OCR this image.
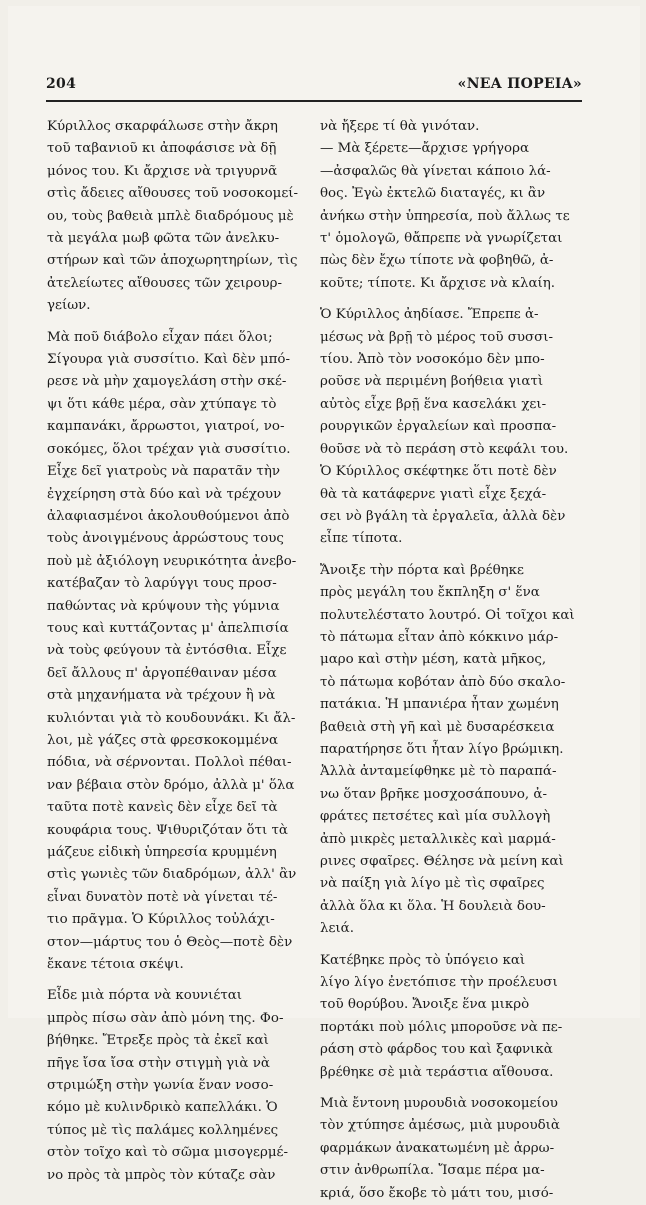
204	«ΝΕΑ ΠΟΡΕΙΑ»

Κύριλλος σκαρφάλωσε στὴν ἄκρη
τοῦ ταβανιοῦ κι ἀποφάσισε νὰ δῇ
μόνος του. Κι ἄρχισε νὰ τριγυρνᾶ
στὶς ἄδειες αἴθουσες τοῦ νοσοκομεί-
ου, τοὺς βαθειὰ μπλὲ διαδρόμους μὲ
τὰ μεγάλα μωβ φῶτα τῶν ἀνελκυ-
στήρων καὶ τῶν ἀποχωρητηρίων, τὶς
ἀτελείωτες αἴθουσες τῶν χειρουρ-
γείων.

Μὰ ποῦ διάβολο εἶχαν πάει ὅλοι;
Σίγουρα γιὰ συσσίτιο. Καὶ δὲν μπό-
ρεσε νὰ μὴν χαμογελάση στὴν σκέ-
ψι ὅτι κάθε μέρα, σὰν χτύπαγε τὸ
καμπανάκι, ἄρρωστοι, γιατροί, νο-
σοκόμες, ὅλοι τρέχαν γιὰ συσσίτιο.
Εἶχε δεῖ γιατροὺς νὰ παρατᾶν τὴν
ἐγχείρηση στὰ δύο καὶ νὰ τρέχουν
ἀλαφιασμένοι ἀκολουθούμενοι ἀπὸ
τοὺς ἀνοιγμένους ἀρρώστους τους
ποὺ μὲ ἀξιόλογη νευρικότητα ἀνεβο-
κατέβαζαν τὸ λαρύγγι τους προσ-
παθώντας νὰ κρύψουν τὴς γύμνια
τους καὶ κυττάζοντας μ' ἀπελπισία
νὰ τοὺς φεύγουν τὰ ἐντόσθια. Εἶχε
δεῖ ἄλλους π' ἀργοπέθαιναν μέσα
στὰ μηχανήματα νὰ τρέχουν ἢ νὰ
κυλιόνται γιὰ τὸ κουδουνάκι. Κι ἄλ-
λοι, μὲ γάζες στὰ φρεσκοκομμένα
πόδια, νὰ σέρνονται. Πολλοὶ πέθαι-
ναν βέβαια στὸν δρόμο, ἀλλὰ μ' ὅλα
ταῦτα ποτὲ κανεὶς δὲν εἶχε δεῖ τὰ
κουφάρια τους. Ψιθυριζόταν ὅτι τὰ
μάζευε εἰδικὴ ὑπηρεσία κρυμμένη
στὶς γωνιὲς τῶν διαδρόμων, ἀλλ' ἂν
εἶναι δυνατὸν ποτὲ νὰ γίνεται τέ-
τιο πρᾶγμα. Ὁ Κύριλλος τοὐλάχι-
στον—μάρτυς του ὁ Θεὸς—ποτὲ δὲν
ἔκανε τέτοια σκέψι.

Εἶδε μιὰ πόρτα νὰ κουνιέται
μπρὸς πίσω σὰν ἀπὸ μόνη της. Φο-
βήθηκε. Ἔτρεξε πρὸς τὰ ἐκεῖ καὶ
πῆγε ἴσα ἴσα στὴν στιγμὴ γιὰ νὰ
στριμώξη στὴν γωνία ἕναν νοσο-
κόμο μὲ κυλινδρικὸ καπελλάκι. Ὁ
τύπος μὲ τὶς παλάμες κολλημένες
στὸν τοῖχο καὶ τὸ σῶμα μισογερμέ-
νο πρὸς τὰ μπρὸς τὸν κύταζε σὰν

νὰ ἤξερε τί θὰ γινόταν.
— Μὰ ξέρετε—ἄρχισε γρήγορα
—ἀσφαλῶς θὰ γίνεται κάποιο λά-
θος. Ἐγὼ ἐκτελῶ διαταγές, κι ἂν
ἀνήκω στὴν ὑπηρεσία, ποὺ ἄλλως τε
τ' ὁμολογῶ, θἄπρεπε νὰ γνωρίζεται
πὼς δὲν ἔχω τίποτε νὰ φοβηθῶ, ἀ-
κοῦτε; τίποτε. Κι ἄρχισε νὰ κλαίη.

Ὁ Κύριλλος ἀηδίασε. Ἔπρεπε ἀ-
μέσως νὰ βρῇ τὸ μέρος τοῦ συσσι-
τίου. Ἀπὸ τὸν νοσοκόμο δὲν μπο-
ροῦσε νὰ περιμένη βοήθεια γιατὶ
αὐτὸς εἶχε βρῇ ἕνα κασελάκι χει-
ρουργικῶν ἐργαλείων καὶ προσπα-
θοῦσε νὰ τὸ περάση στὸ κεφάλι του.
Ὁ Κύριλλος σκέφτηκε ὅτι ποτὲ δὲν
θὰ τὰ κατάφερνε γιατὶ εἶχε ξεχά-
σει νὸ βγάλη τὰ ἐργαλεῖα, ἀλλὰ δὲν
εἶπε τίποτα.

Ἄνοιξε τὴν πόρτα καὶ βρέθηκε
πρὸς μεγάλη του ἔκπληξη σ' ἕνα
πολυτελέστατο λουτρό. Οἱ τοῖχοι καὶ
τὸ πάτωμα εἶταν ἀπὸ κόκκινο μάρ-
μαρο καὶ στὴν μέση, κατὰ μῆκος,
τὸ πάτωμα κοβόταν ἀπὸ δύο σκαλο-
πατάκια. Ἡ μπανιέρα ἦταν χωμένη
βαθειὰ στὴ γῆ καὶ μὲ δυσαρέσκεια
παρατήρησε ὅτι ἦταν λίγο βρώμικη.
Ἀλλὰ ἀνταμείφθηκε μὲ τὸ παραπά-
νω ὅταν βρῆκε μοσχοσάπουνο, ἀ-
φράτες πετσέτες καὶ μία συλλογὴ
ἀπὸ μικρὲς μεταλλικὲς καὶ μαρμά-
ρινες σφαῖρες. Θέλησε νὰ μείνη καὶ
νὰ παίξη γιὰ λίγο μὲ τὶς σφαῖρες
ἀλλὰ ὅλα κι ὅλα. Ἡ δουλειὰ δου-
λειά.

Κατέβηκε πρὸς τὸ ὑπόγειο καὶ
λίγο λίγο ἐνετόπισε τὴν προέλευσι
τοῦ θορύβου. Ἄνοιξε ἕνα μικρὸ
πορτάκι ποὺ μόλις μποροῦσε νὰ πε-
ράση στὸ φάρδος του καὶ ξαφνικὰ
βρέθηκε σὲ μιὰ τεράστια αἴθουσα.

Μιὰ ἔντονη μυρουδιὰ νοσοκομείου
τὸν χτύπησε ἀμέσως, μιὰ μυρουδιὰ
φαρμάκων ἀνακατωμένη μὲ ἀρρω-
στιν ἀνθρωπίλα. Ἴσαμε πέρα μα-
κριά, ὅσο ἔκοβε τὸ μάτι του, μισό-
